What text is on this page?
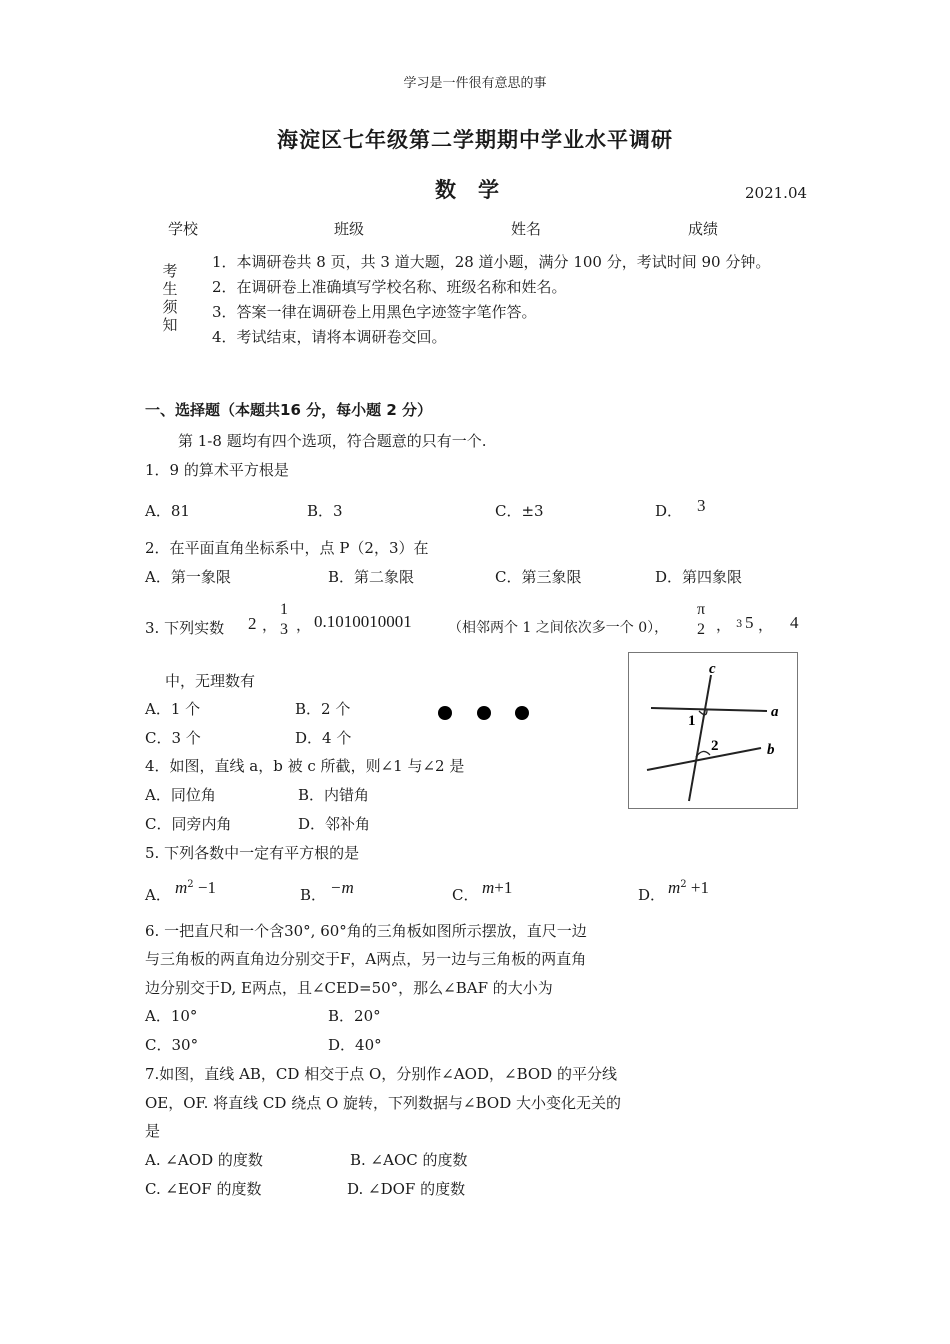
学习是一件很有意思的事
海淀区七年级第二学期期中学业水平调研
数学	2021.04
学校	班级	姓名	成绩
考生须知
1．本调研卷共 8 页，共 3 道大题，28 道小题，满分 100 分，考试时间 90 分钟。
2．在调研卷上准确填写学校名称、班级名称和姓名。
3．答案一律在调研卷上用黑色字迹签字笔作答。
4．考试结束，请将本调研卷交回。
一、选择题（本题共16 分，每小题 2 分）
第 1-8 题均有四个选项，符合题意的只有一个.
1．9 的算术平方根是
A．81	B．3	C．±3	D． 3
2．在平面直角坐标系中，点 P（2，3）在
A．第一象限	B．第二象限	C．第三象限	D．第四象限
3. 下列实数 2 ，
1
3 ， 0.1010010001	（相邻两个 1 之间依次多一个 0），
π
2 ， 3 5 ， 4
中，无理数有
A．1 个	B．2 个
C．3 个	D．4 个
c
a
b
1
2
4．如图，直线 a，b 被 c 所截，则∠1 与∠2 是
A．同位角	B．内错角
C．同旁内角	D．邻补角
5. 下列各数中一定有平方根的是
A． $m^2 -1$	B． −m	C． m+1	D． $m^2 +1$
6. 一把直尺和一个含30°, 60°角的三角板如图所示摆放，直尺一边
与三角板的两直角边分别交于F，A两点，另一边与三角板的两直角
边分别交于D, E两点，且∠CED=50°，那么∠BAF 的大小为
A．10°	B．20°
C．30°	D．40°
7.如图，直线 AB，CD 相交于点 O，分别作∠AOD，∠BOD 的平分线
OE，OF. 将直线 CD 绕点 O 旋转，下列数据与∠BOD 大小变化无关的
是
A. ∠AOD 的度数	B. ∠AOC 的度数
C. ∠EOF 的度数	D. ∠DOF 的度数
